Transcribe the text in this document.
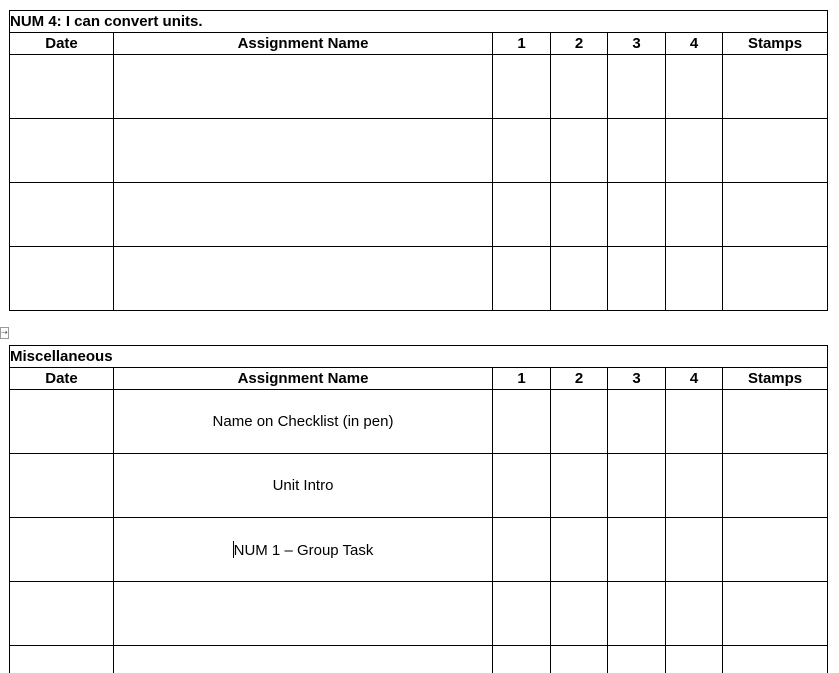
NUM 4: I can convert units.						
Date	Assignment Name	1	2	3	4	Stamps

⇢
Miscellaneous						
Date	Assignment Name	1	2	3	4	Stamps
	Name on Checklist (in pen)					
	Unit Intro					
	NUM 1 – Group Task					
